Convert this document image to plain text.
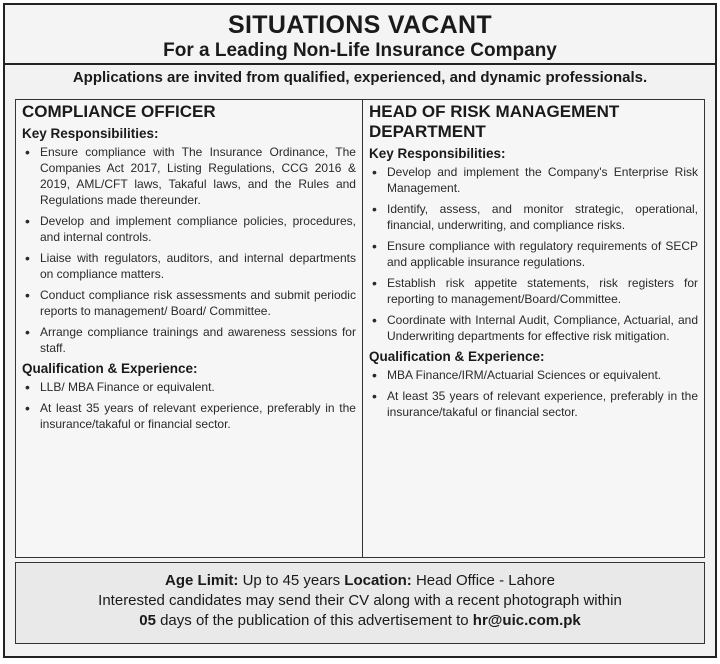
SITUATIONS VACANT
For a Leading Non-Life Insurance Company
Applications are invited from qualified, experienced, and dynamic professionals.
COMPLIANCE OFFICER
Key Responsibilities:
• Ensure compliance with The Insurance Ordinance, The Companies Act 2017, Listing Regulations, CCG 2016 & 2019, AML/CFT laws, Takaful laws, and the Rules and Regulations made thereunder.
• Develop and implement compliance policies, procedures, and internal controls.
• Liaise with regulators, auditors, and internal departments on compliance matters.
• Conduct compliance risk assessments and submit periodic reports to management/ Board/ Committee.
• Arrange compliance trainings and awareness sessions for staff.
Qualification & Experience:
• LLB/ MBA Finance or equivalent.
• At least 35 years of relevant experience, preferably in the insurance/takaful or financial sector.
HEAD OF RISK MANAGEMENT DEPARTMENT
Key Responsibilities:
• Develop and implement the Company's Enterprise Risk Management.
• Identify, assess, and monitor strategic, operational, financial, underwriting, and compliance risks.
• Ensure compliance with regulatory requirements of SECP and applicable insurance regulations.
• Establish risk appetite statements, risk registers for reporting to management/Board/Committee.
• Coordinate with Internal Audit, Compliance, Actuarial, and Underwriting departments for effective risk mitigation.
Qualification & Experience:
• MBA Finance/IRM/Actuarial Sciences or equivalent.
• At least 35 years of relevant experience, preferably in the insurance/takaful or financial sector.
Age Limit: Up to 45 years Location: Head Office - Lahore
Interested candidates may send their CV along with a recent photograph within
05 days of the publication of this advertisement to hr@uic.com.pk
